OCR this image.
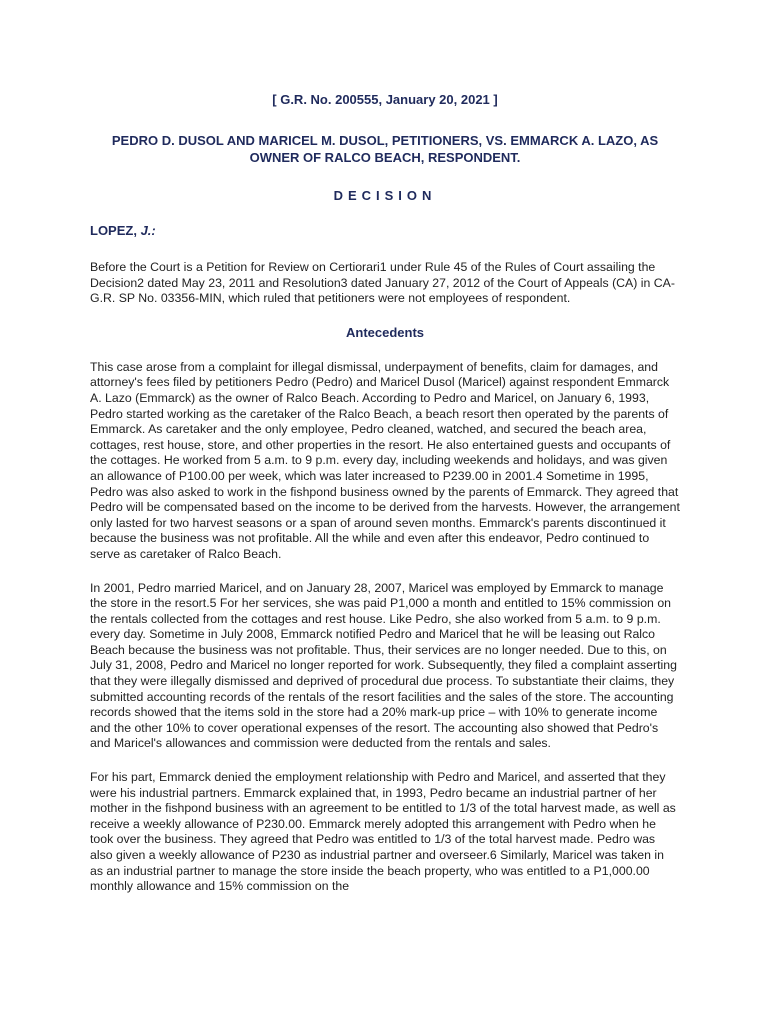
[ G.R. No. 200555, January 20, 2021 ]

PEDRO D. DUSOL AND MARICEL M. DUSOL, PETITIONERS, VS. EMMARCK A. LAZO, AS OWNER OF RALCO BEACH, RESPONDENT.

DECISION

LOPEZ, J.:

Before the Court is a Petition for Review on Certiorari1 under Rule 45 of the Rules of Court assailing the Decision2 dated May 23, 2011 and Resolution3 dated January 27, 2012 of the Court of Appeals (CA) in CA-G.R. SP No. 03356-MIN, which ruled that petitioners were not employees of respondent.

Antecedents

This case arose from a complaint for illegal dismissal, underpayment of benefits, claim for damages, and attorney's fees filed by petitioners Pedro (Pedro) and Maricel Dusol (Maricel) against respondent Emmarck A. Lazo (Emmarck) as the owner of Ralco Beach. According to Pedro and Maricel, on January 6, 1993, Pedro started working as the caretaker of the Ralco Beach, a beach resort then operated by the parents of Emmarck. As caretaker and the only employee, Pedro cleaned, watched, and secured the beach area, cottages, rest house, store, and other properties in the resort. He also entertained guests and occupants of the cottages. He worked from 5 a.m. to 9 p.m. every day, including weekends and holidays, and was given an allowance of P100.00 per week, which was later increased to P239.00 in 2001.4 Sometime in 1995, Pedro was also asked to work in the fishpond business owned by the parents of Emmarck. They agreed that Pedro will be compensated based on the income to be derived from the harvests. However, the arrangement only lasted for two harvest seasons or a span of around seven months. Emmarck's parents discontinued it because the business was not profitable. All the while and even after this endeavor, Pedro continued to serve as caretaker of Ralco Beach.

In 2001, Pedro married Maricel, and on January 28, 2007, Maricel was employed by Emmarck to manage the store in the resort.5 For her services, she was paid P1,000 a month and entitled to 15% commission on the rentals collected from the cottages and rest house. Like Pedro, she also worked from 5 a.m. to 9 p.m. every day. Sometime in July 2008, Emmarck notified Pedro and Maricel that he will be leasing out Ralco Beach because the business was not profitable. Thus, their services are no longer needed. Due to this, on July 31, 2008, Pedro and Maricel no longer reported for work. Subsequently, they filed a complaint asserting that they were illegally dismissed and deprived of procedural due process. To substantiate their claims, they submitted accounting records of the rentals of the resort facilities and the sales of the store. The accounting records showed that the items sold in the store had a 20% mark-up price – with 10% to generate income and the other 10% to cover operational expenses of the resort. The accounting also showed that Pedro's and Maricel's allowances and commission were deducted from the rentals and sales.

For his part, Emmarck denied the employment relationship with Pedro and Maricel, and asserted that they were his industrial partners. Emmarck explained that, in 1993, Pedro became an industrial partner of her mother in the fishpond business with an agreement to be entitled to 1/3 of the total harvest made, as well as receive a weekly allowance of P230.00. Emmarck merely adopted this arrangement with Pedro when he took over the business. They agreed that Pedro was entitled to 1/3 of the total harvest made. Pedro was also given a weekly allowance of P230 as industrial partner and overseer.6 Similarly, Maricel was taken in as an industrial partner to manage the store inside the beach property, who was entitled to a P1,000.00 monthly allowance and 15% commission on the
